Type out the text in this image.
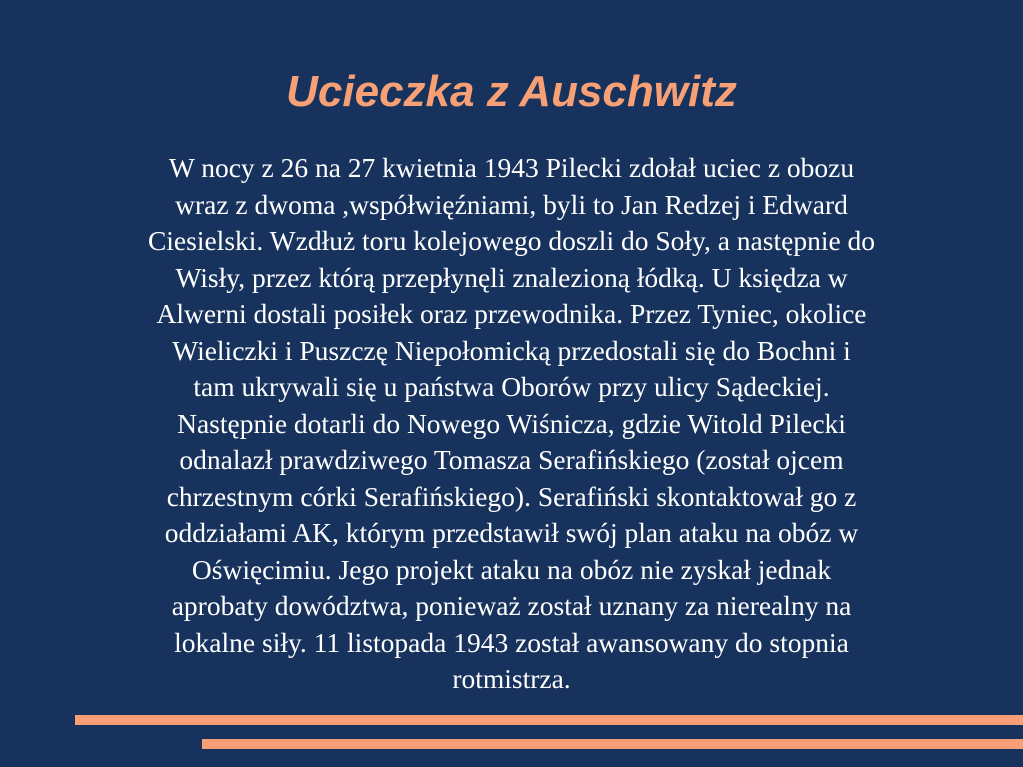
Ucieczka z Auschwitz
W nocy z 26 na 27 kwietnia 1943 Pilecki zdołał uciec z obozu
wraz z dwoma ,współwięźniami, byli to Jan Redzej i Edward
Ciesielski. Wzdłuż toru kolejowego doszli do Soły, a następnie do
Wisły, przez którą przepłynęli znalezioną łódką. U księdza w
Alwerni dostali posiłek oraz przewodnika. Przez Tyniec, okolice
Wieliczki i Puszczę Niepołomicką przedostali się do Bochni i
tam ukrywali się u państwa Oborów przy ulicy Sądeckiej.
Następnie dotarli do Nowego Wiśnicza, gdzie Witold Pilecki
odnalazł prawdziwego Tomasza Serafińskiego (został ojcem
chrzestnym córki Serafińskiego). Serafiński skontaktował go z
oddziałami AK, którym przedstawił swój plan ataku na obóz w
Oświęcimiu. Jego projekt ataku na obóz nie zyskał jednak
aprobaty dowództwa, ponieważ został uznany za nierealny na
lokalne siły. 11 listopada 1943 został awansowany do stopnia
rotmistrza.
